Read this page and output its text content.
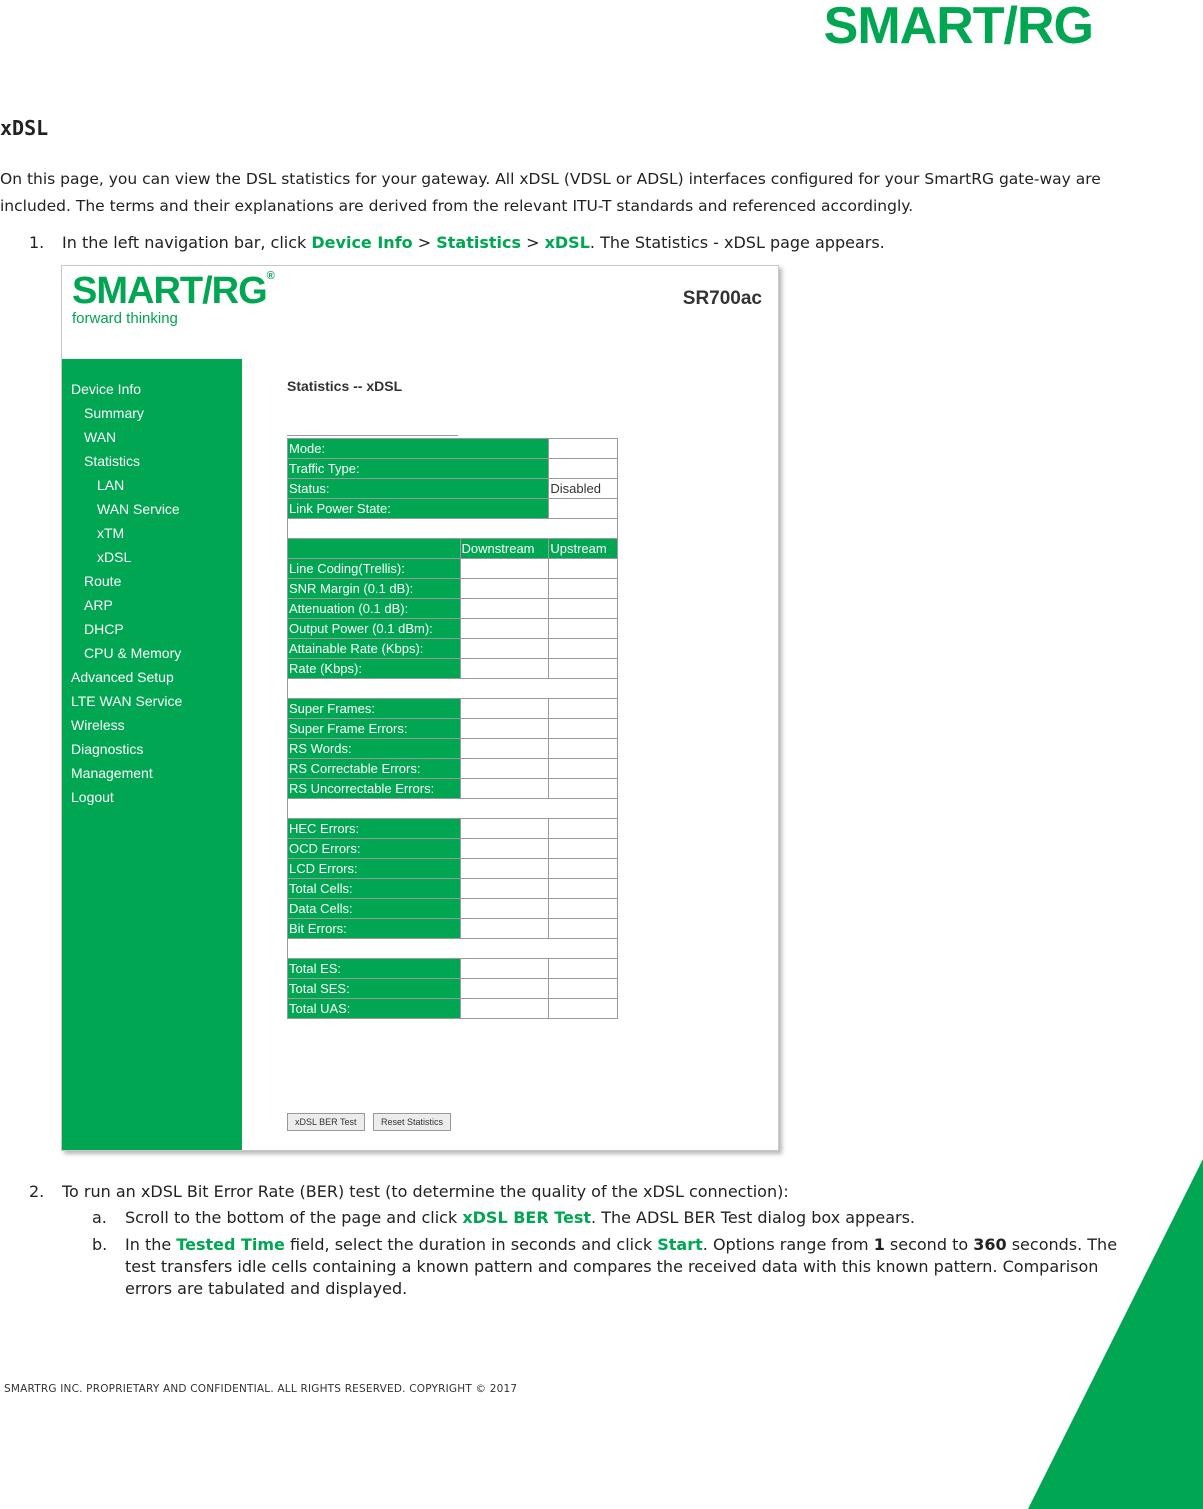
SMART/RG
xDSL

On this page, you can view the DSL statistics for your gateway. All xDSL (VDSL or ADSL) interfaces configured for your SmartRG gate-way are included. The terms and their explanations are derived from the relevant ITU-T standards and referenced accordingly.

1. In the left navigation bar, click Device Info > Statistics > xDSL. The Statistics - xDSL page appears.
SMART/RG®
forward thinking
SR700ac
Device Info
Summary
WAN
Statistics
LAN
WAN Service
xTM
xDSL
Route
ARP
DHCP
CPU & Memory
Advanced Setup
LTE WAN Service
Wireless
Diagnostics
Management
Logout
Statistics -- xDSL
Mode:		
Traffic Type:		
Status:		Disabled
Link Power State:		

	Downstream	Upstream
Line Coding(Trellis):		
SNR Margin (0.1 dB):		
Attenuation (0.1 dB):		
Output Power (0.1 dBm):		
Attainable Rate (Kbps):		
Rate (Kbps):		

Super Frames:		
Super Frame Errors:		
RS Words:		
RS Correctable Errors:		
RS Uncorrectable Errors:		

HEC Errors:		
OCD Errors:		
LCD Errors:		
Total Cells:		
Data Cells:		
Bit Errors:		

Total ES:		
Total SES:		
Total UAS:		
xDSL BER Test	Reset Statistics
2. To run an xDSL Bit Error Rate (BER) test (to determine the quality of the xDSL connection):
a. Scroll to the bottom of the page and click xDSL BER Test. The ADSL BER Test dialog box appears.
b. In the Tested Time field, select the duration in seconds and click Start. Options range from 1 second to 360 seconds. The test transfers idle cells containing a known pattern and compares the received data with this known pattern. Comparison errors are tabulated and displayed.
SMARTRG INC. PROPRIETARY AND CONFIDENTIAL. ALL RIGHTS RESERVED. COPYRIGHT © 2017
